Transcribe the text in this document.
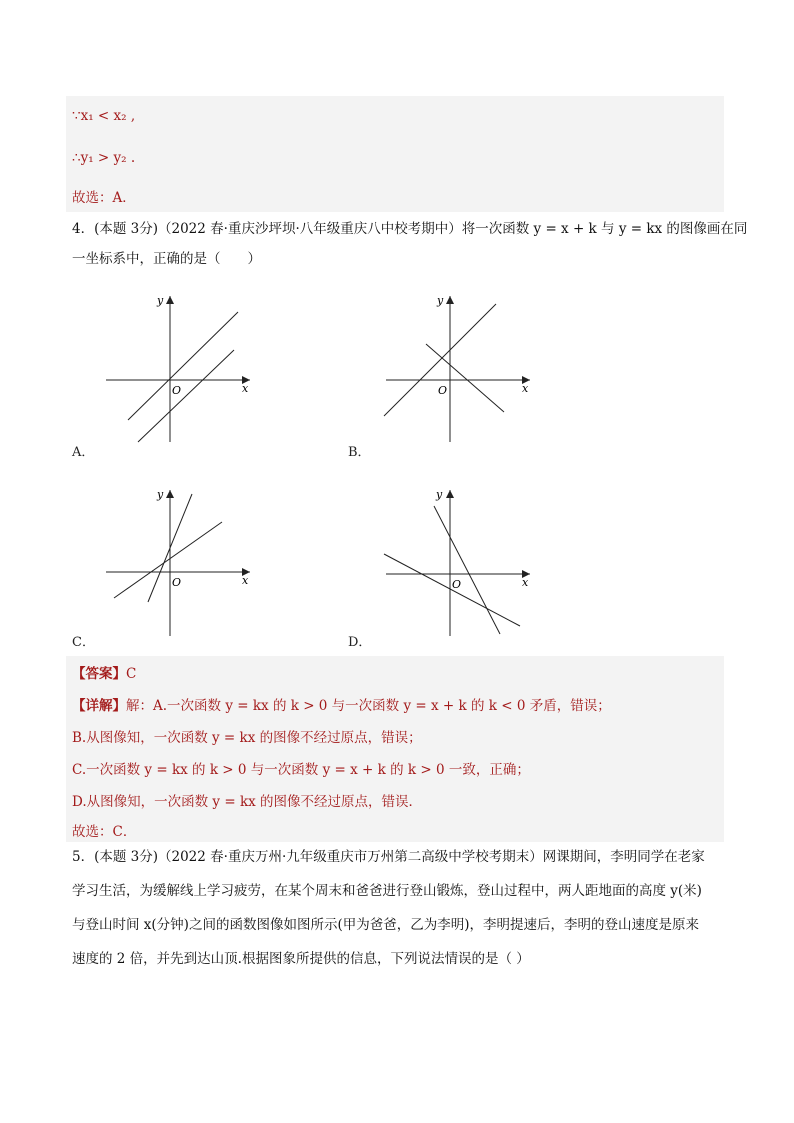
∵x₁ < x₂ ,
∴y₁ > y₂ .
故选：A．
4．(本题 3分)（2022 春·重庆沙坪坝·八年级重庆八中校考期中）将一次函数 y = x + k 与 y = kx 的图像画在同
一坐标系中，正确的是（　　）
x
y
O
A．
x
y
O
B．
x
y
O
C．
x
y
O
D．
【答案】C
【详解】解：A.一次函数 y = kx 的 k > 0 与一次函数 y = x + k 的 k < 0 矛盾，错误；
B.从图像知，一次函数 y = kx 的图像不经过原点，错误；
C.一次函数 y = kx 的 k > 0 与一次函数 y = x + k 的 k > 0 一致，正确；
D.从图像知，一次函数 y = kx 的图像不经过原点，错误．
故选：C．
5．(本题 3分)（2022 春·重庆万州·九年级重庆市万州第二高级中学校考期末）网课期间，李明同学在老家
学习生活，为缓解线上学习疲劳，在某个周末和爸爸进行登山锻炼，登山过程中，两人距地面的高度 y(米)
与登山时间 x(分钟)之间的函数图像如图所示(甲为爸爸，乙为李明)，李明提速后，李明的登山速度是原来
速度的 2 倍，并先到达山顶.根据图象所提供的信息，下列说法情误的是（ ）
